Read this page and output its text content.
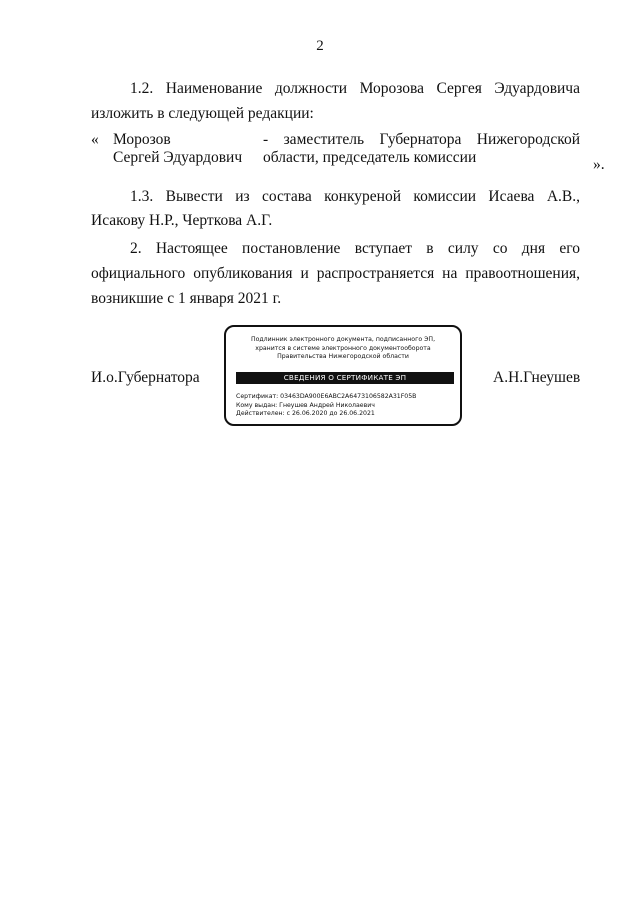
2
1.2. Наименование должности Морозова Сергея Эдуардовича
изложить в следующей редакции:
« Морозов
Сергей Эдуардович
- заместитель Губернатора Нижегородской
области, председатель комиссии	».
1.3. Вывести из состава конкуреной комиссии Исаева А.В.,
Исакову Н.Р., Черткова А.Г.
2. Настоящее постановление вступает в силу со дня его
официального опубликования и распространяется на правоотношения,
возникшие с 1 января 2021 г.
И.о.Губернатора
Подлинник электронного документа, подписанного ЭП,
хранится в системе электронного документооборота
Правительства Нижегородской области
СВЕДЕНИЯ О СЕРТИФИКАТЕ ЭП
Сертификат: 03463DA900E6ABC2A6473106582A31F05B
Кому выдан: Гнеушев Андрей Николаевич
Действителен: с 26.06.2020 до 26.06.2021
А.Н.Гнеушев
